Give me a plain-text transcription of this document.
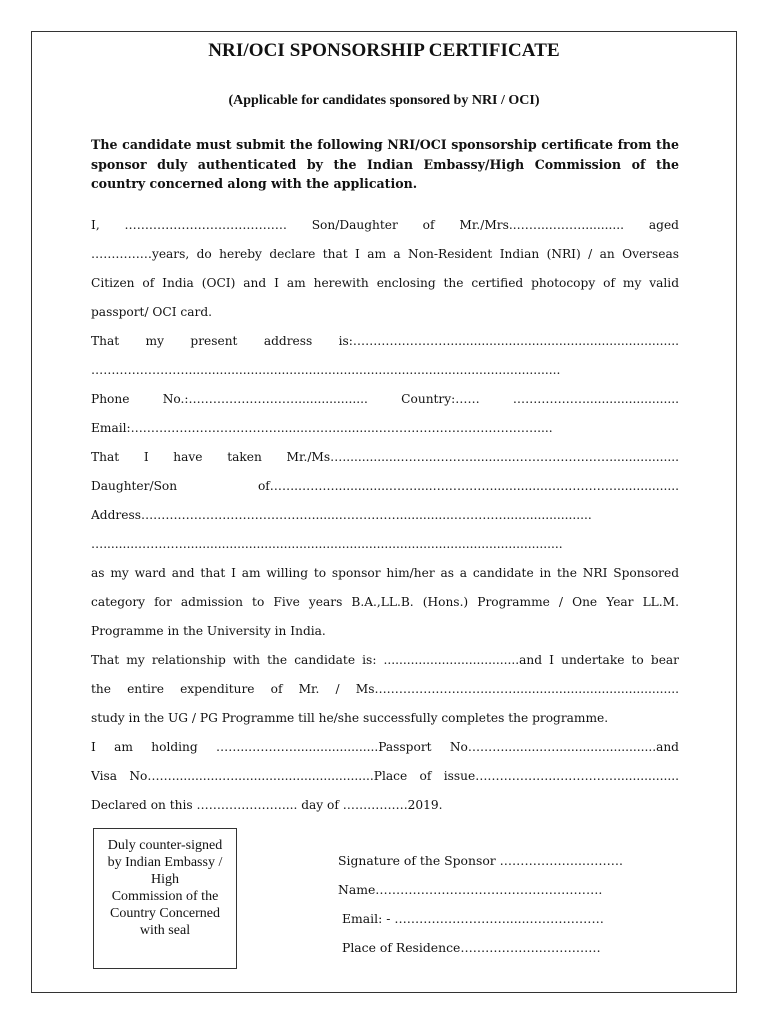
NRI/OCI SPONSORSHIP CERTIFICATE

(Applicable for candidates sponsored by NRI / OCI)

The candidate must submit the following NRI/OCI sponsorship certificate from the sponsor duly authenticated by the Indian Embassy/High Commission of the country concerned along with the application.

I, …………………………………. Son/Daughter of Mr./Mrs..……..……….......... aged
……………years, do hereby declare that I am a Non-Resident Indian (NRI) / an Overseas
Citizen of India (OCI) and I am herewith enclosing the certified photocopy of my valid
passport/ OCI card.
That my present address is:……………………...........................................................
……………………................................................................................................
Phone No.:……………………….................. Country:…… ………………........................
Email:………………………………........……............…………………………………....
That I have taken Mr./Ms…...............……...………...........…………………….................
Daughter/Son of…….………..............…….....…………….............………………................
Address…………………………………….......……………..............………….......................
….........………….................................................................................................
as my ward and that I am willing to sponsor him/her as a candidate in the NRI Sponsored
category for admission to Five years B.A.,LL.B. (Hons.) Programme / One Year LL.M.
Programme in the University in India.
That my relationship with the candidate is: ...................................and I undertake to bear
the entire expenditure of Mr. / Ms………………………..……..........................................
study in the UG / PG Programme till he/she successfully completes the programme.
I am holding ……..………….....................Passport No………..........…..........................and
Visa No…….............…....................................Place of issue………………..……………................
Declared on this ………………….... day of …………….2019.
Duly counter-signed
by Indian Embassy /
High
Commission of the
Country Concerned
with seal
Signature of the Sponsor ………………..……….
Name……………………………………………….
Email: - ………………………......………………
Place of Residence……………….……………
